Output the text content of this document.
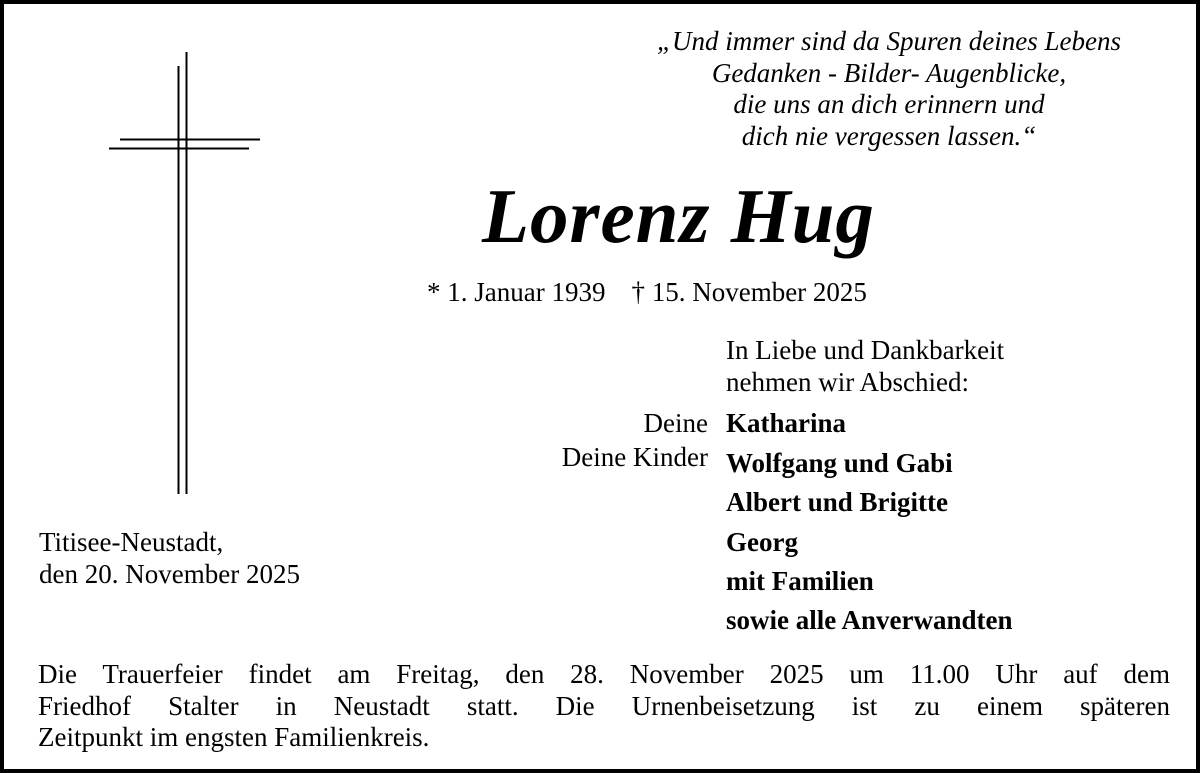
„Und immer sind da Spuren deines Lebens
Gedanken - Bilder- Augenblicke,
die uns an dich erinnern und
dich nie vergessen lassen.“
Lorenz Hug
* 1. Januar 1939 † 15. November 2025
In Liebe und Dankbarkeit
nehmen wir Abschied:
Deine Katharina
Deine Kinder Wolfgang und Gabi
Albert und Brigitte
Georg
mit Familien
sowie alle Anverwandten
Titisee-Neustadt,
den 20. November 2025
Die Trauerfeier findet am Freitag, den 28. November 2025 um 11.00 Uhr auf dem
Friedhof Stalter in Neustadt statt. Die Urnenbeisetzung ist zu einem späteren
Zeitpunkt im engsten Familienkreis.
